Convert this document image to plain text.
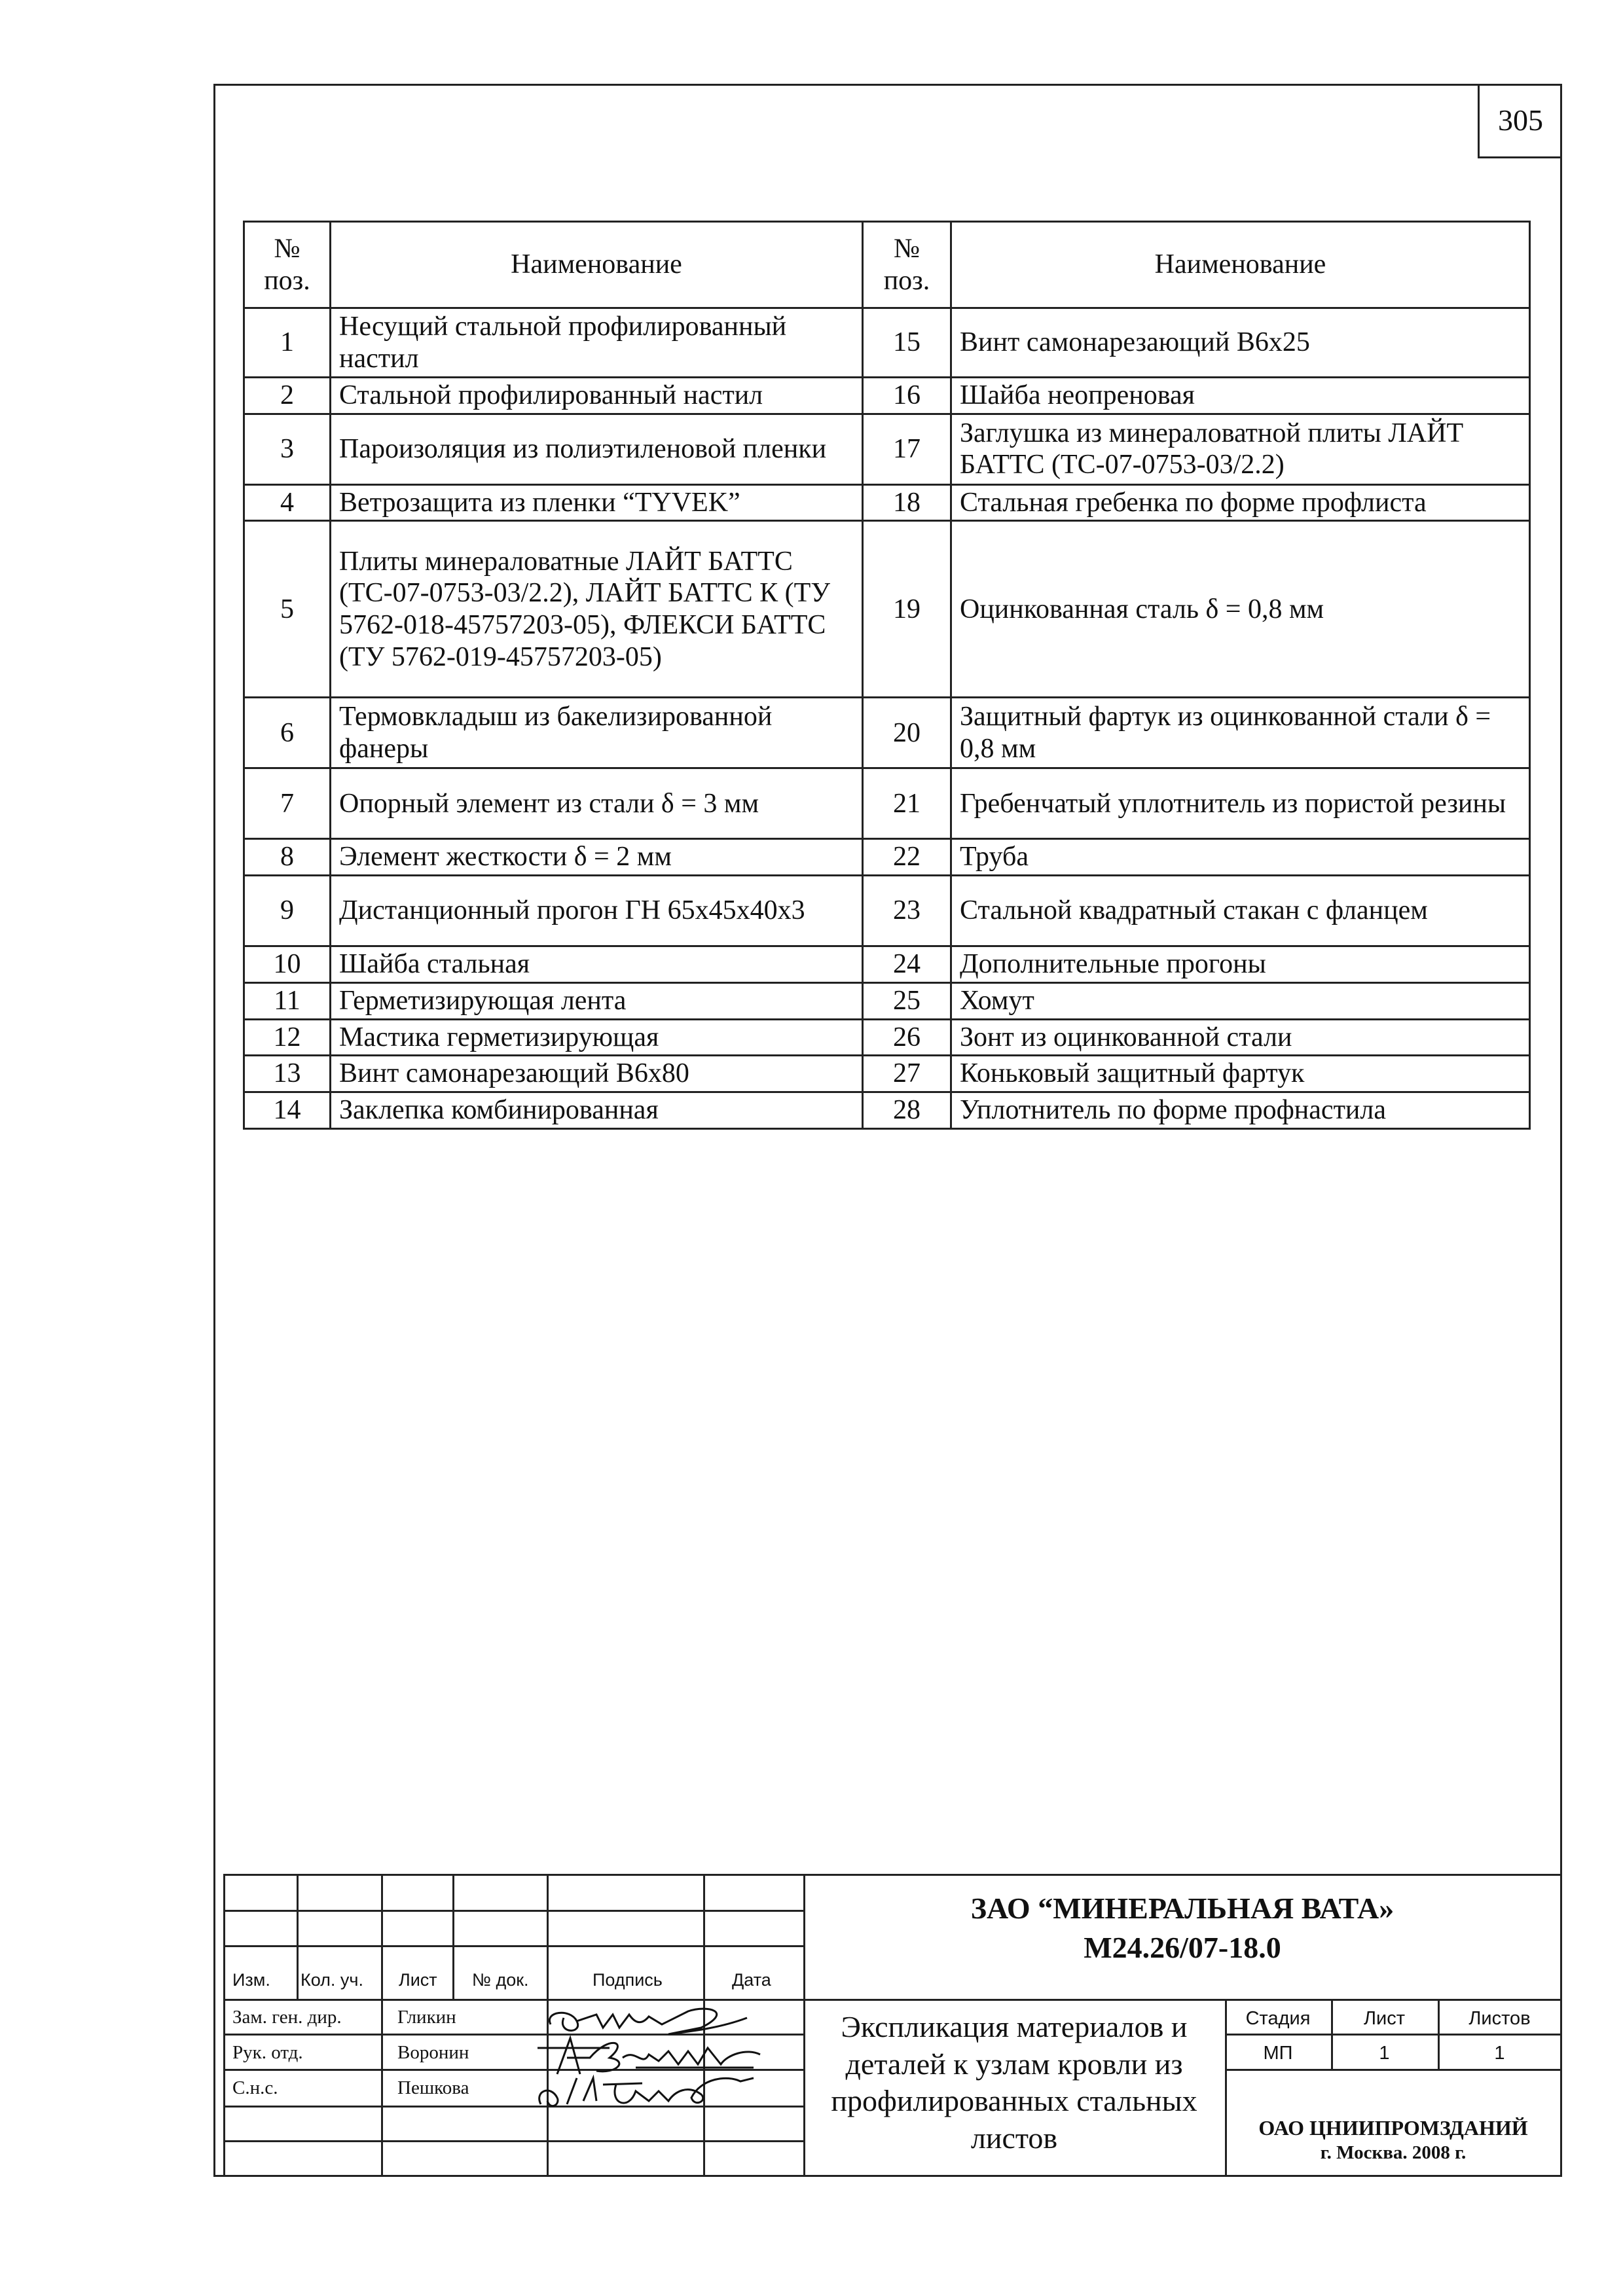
305
№ поз.	Наименование	№ поз.	Наименование
1	Несущий стальной профилированный настил	15	Винт самонарезающий В6х25
2	Стальной профилированный настил	16	Шайба неопреновая
3	Пароизоляция из полиэтиленовой пленки	17	Заглушка из минераловатной плиты ЛАЙТ БАТТС (ТС-07-0753-03/2.2)
4	Ветрозащита из пленки “TYVEK”	18	Стальная гребенка по форме профлиста
5	Плиты минераловатные ЛАЙТ БАТТС (ТС-07-0753-03/2.2), ЛАЙТ БАТТС К (ТУ 5762-018-45757203-05), ФЛЕКСИ БАТТС (ТУ 5762-019-45757203-05)	19	Оцинкованная сталь δ = 0,8 мм
6	Термовкладыш из бакелизированной фанеры	20	Защитный фартук из оцинкованной стали δ = 0,8 мм
7	Опорный элемент из стали δ = 3 мм	21	Гребенчатый уплотнитель из пористой резины
8	Элемент жесткости δ = 2 мм	22	Труба
9	Дистанционный прогон ГН 65х45х40х3	23	Стальной квадратный стакан с фланцем
10	Шайба стальная	24	Дополнительные прогоны
11	Герметизирующая лента	25	Хомут
12	Мастика герметизирующая	26	Зонт из оцинкованной стали
13	Винт самонарезающий В6х80	27	Коньковый защитный фартук
14	Заклепка комбинированная	28	Уплотнитель по форме профнастила
Изм. Кол. уч. Лист № док.	Подпись	Дата
Зам. ген. дир.	Гликин
Рук. отд.	Воронин
С.н.с.	Пешкова
ЗАО “МИНЕРАЛЬНАЯ ВАТА»
М24.26/07-18.0
Экспликация материалов и деталей к узлам кровли из профилированных стальных листов
Стадия	Лист	Листов
МП	1	1
ОАО ЦНИИПРОМЗДАНИЙ
г. Москва. 2008 г.
